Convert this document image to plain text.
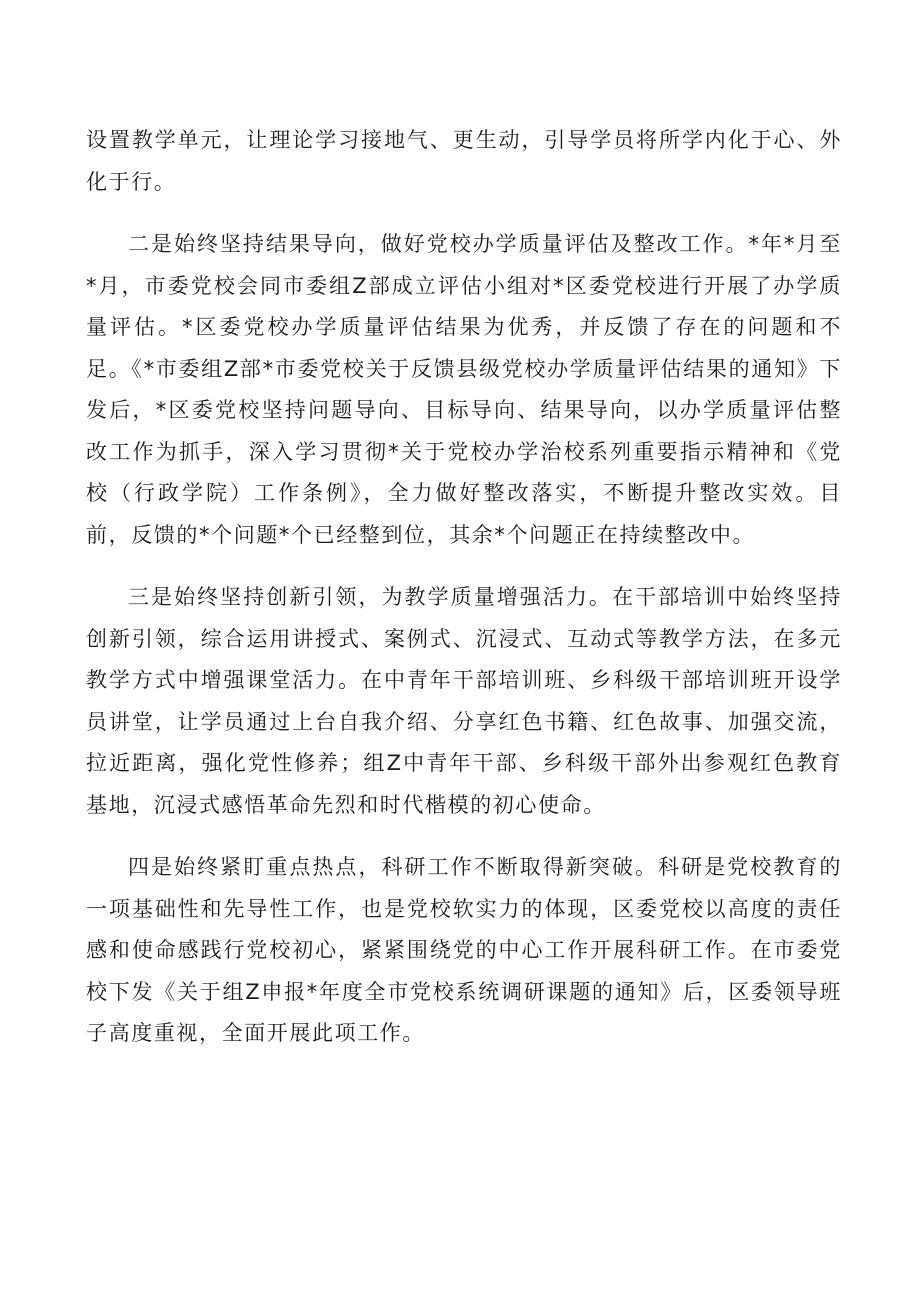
设置教学单元，让理论学习接地气、更生动，引导学员将所学内化于心、外化于行。

二是始终坚持结果导向，做好党校办学质量评估及整改工作。*年*月至*月，市委党校会同市委组Z部成立评估小组对*区委党校进行开展了办学质量评估。*区委党校办学质量评估结果为优秀，并反馈了存在的问题和不足。《*市委组Z部*市委党校关于反馈县级党校办学质量评估结果的通知》下发后，*区委党校坚持问题导向、目标导向、结果导向，以办学质量评估整改工作为抓手，深入学习贯彻*关于党校办学治校系列重要指示精神和《党校（行政学院）工作条例》，全力做好整改落实，不断提升整改实效。目前，反馈的*个问题*个已经整到位，其余*个问题正在持续整改中。

三是始终坚持创新引领，为教学质量增强活力。在干部培训中始终坚持创新引领，综合运用讲授式、案例式、沉浸式、互动式等教学方法，在多元教学方式中增强课堂活力。在中青年干部培训班、乡科级干部培训班开设学员讲堂，让学员通过上台自我介绍、分享红色书籍、红色故事、加强交流，拉近距离，强化党性修养；组Z中青年干部、乡科级干部外出参观红色教育基地，沉浸式感悟革命先烈和时代楷模的初心使命。

四是始终紧盯重点热点，科研工作不断取得新突破。科研是党校教育的一项基础性和先导性工作，也是党校软实力的体现，区委党校以高度的责任感和使命感践行党校初心，紧紧围绕党的中心工作开展科研工作。在市委党校下发《关于组Z申报*年度全市党校系统调研课题的通知》后，区委领导班子高度重视，全面开展此项工作。
